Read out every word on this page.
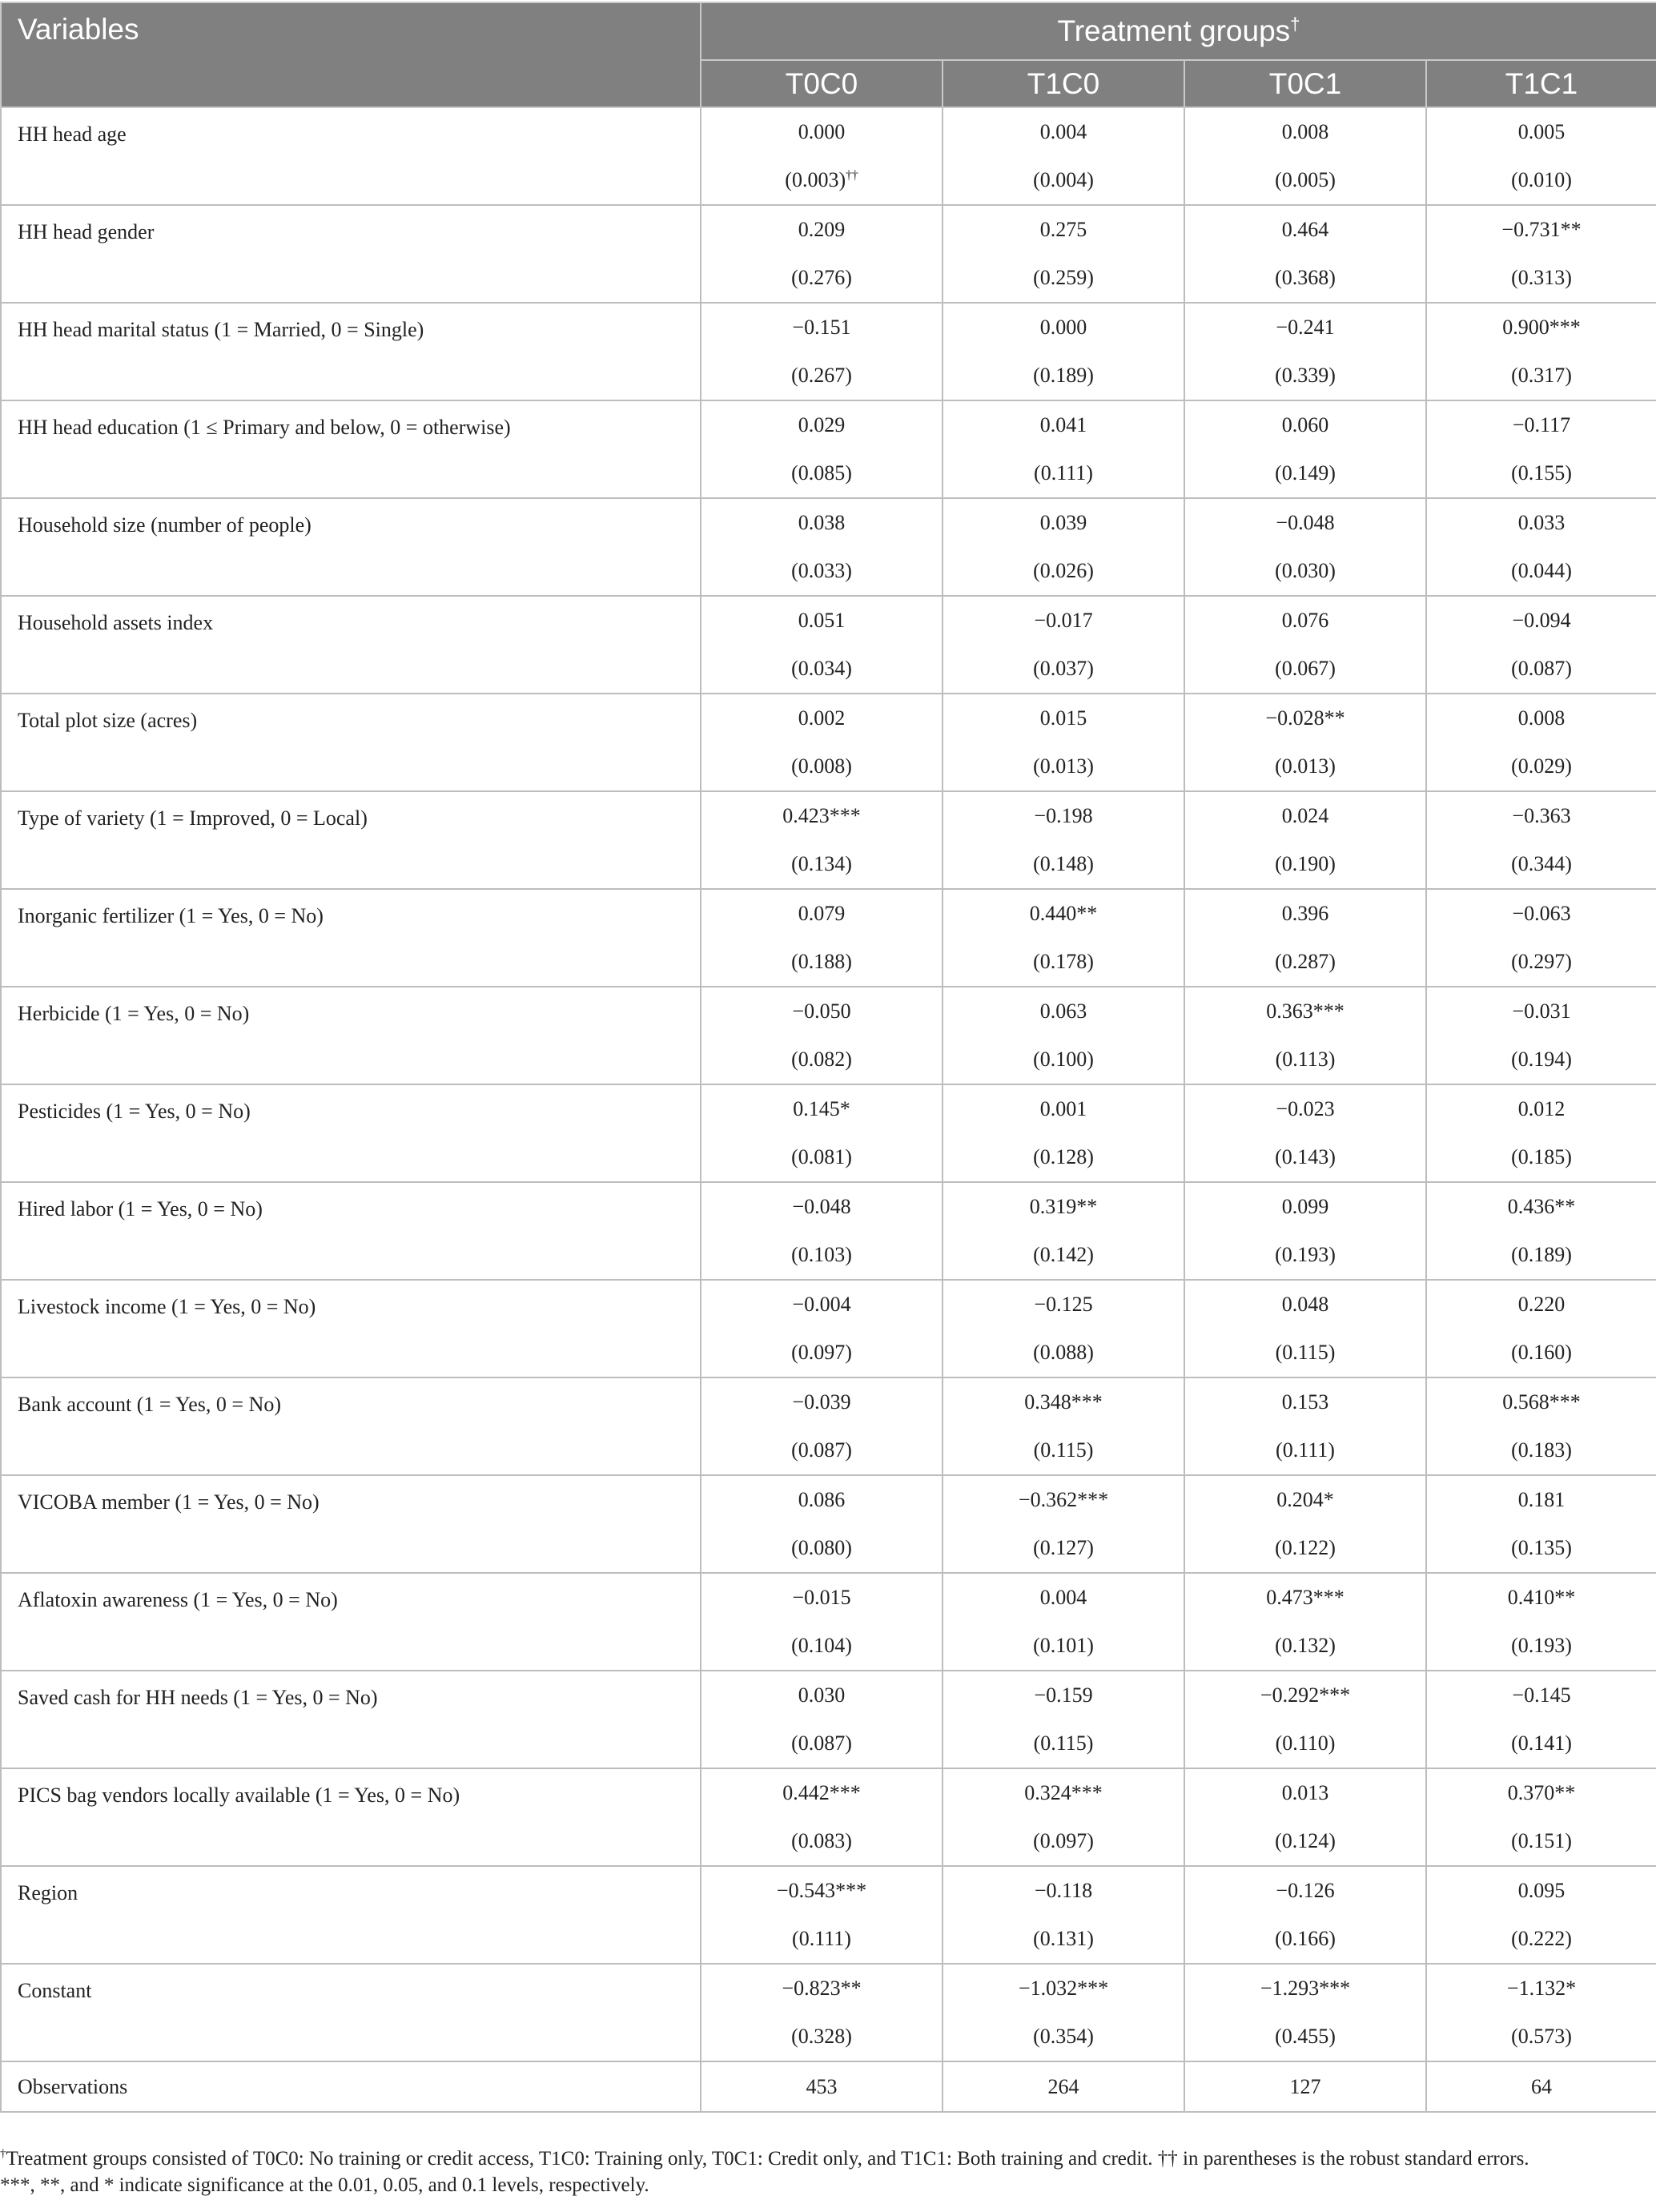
Variables	Treatment groups†
	T0C0	T1C0	T0C1	T1C1
HH head age	0.000	0.004	0.008	0.005
	(0.003)††	(0.004)	(0.005)	(0.010)
HH head gender	0.209	0.275	0.464	−0.731**
	(0.276)	(0.259)	(0.368)	(0.313)
HH head marital status (1 = Married, 0 = Single)	−0.151	0.000	−0.241	0.900***
	(0.267)	(0.189)	(0.339)	(0.317)
HH head education (1 ≤ Primary and below, 0 = otherwise)	0.029	0.041	0.060	−0.117
	(0.085)	(0.111)	(0.149)	(0.155)
Household size (number of people)	0.038	0.039	−0.048	0.033
	(0.033)	(0.026)	(0.030)	(0.044)
Household assets index	0.051	−0.017	0.076	−0.094
	(0.034)	(0.037)	(0.067)	(0.087)
Total plot size (acres)	0.002	0.015	−0.028**	0.008
	(0.008)	(0.013)	(0.013)	(0.029)
Type of variety (1 = Improved, 0 = Local)	0.423***	−0.198	0.024	−0.363
	(0.134)	(0.148)	(0.190)	(0.344)
Inorganic fertilizer (1 = Yes, 0 = No)	0.079	0.440**	0.396	−0.063
	(0.188)	(0.178)	(0.287)	(0.297)
Herbicide (1 = Yes, 0 = No)	−0.050	0.063	0.363***	−0.031
	(0.082)	(0.100)	(0.113)	(0.194)
Pesticides (1 = Yes, 0 = No)	0.145*	0.001	−0.023	0.012
	(0.081)	(0.128)	(0.143)	(0.185)
Hired labor (1 = Yes, 0 = No)	−0.048	0.319**	0.099	0.436**
	(0.103)	(0.142)	(0.193)	(0.189)
Livestock income (1 = Yes, 0 = No)	−0.004	−0.125	0.048	0.220
	(0.097)	(0.088)	(0.115)	(0.160)
Bank account (1 = Yes, 0 = No)	−0.039	0.348***	0.153	0.568***
	(0.087)	(0.115)	(0.111)	(0.183)
VICOBA member (1 = Yes, 0 = No)	0.086	−0.362***	0.204*	0.181
	(0.080)	(0.127)	(0.122)	(0.135)
Aflatoxin awareness (1 = Yes, 0 = No)	−0.015	0.004	0.473***	0.410**
	(0.104)	(0.101)	(0.132)	(0.193)
Saved cash for HH needs (1 = Yes, 0 = No)	0.030	−0.159	−0.292***	−0.145
	(0.087)	(0.115)	(0.110)	(0.141)
PICS bag vendors locally available (1 = Yes, 0 = No)	0.442***	0.324***	0.013	0.370**
	(0.083)	(0.097)	(0.124)	(0.151)
Region	−0.543***	−0.118	−0.126	0.095
	(0.111)	(0.131)	(0.166)	(0.222)
Constant	−0.823**	−1.032***	−1.293***	−1.132*
	(0.328)	(0.354)	(0.455)	(0.573)
Observations	453	264	127	64

†Treatment groups consisted of T0C0: No training or credit access, T1C0: Training only, T0C1: Credit only, and T1C1: Both training and credit. †† in parentheses is the robust standard errors.

***, **, and * indicate significance at the 0.01, 0.05, and 0.1 levels, respectively.
